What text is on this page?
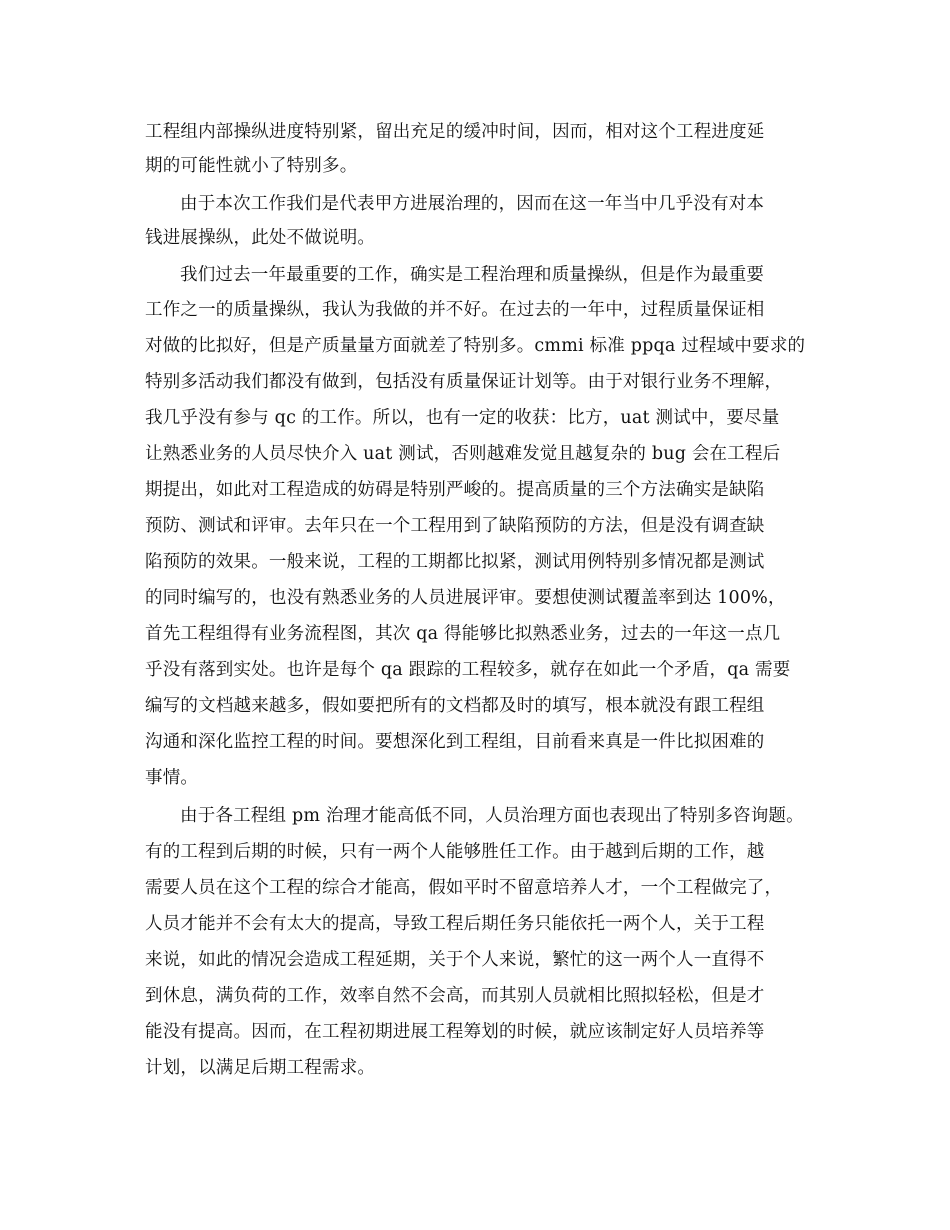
工程组内部操纵进度特别紧，留出充足的缓冲时间，因而，相对这个工程进度延
期的可能性就小了特别多。
由于本次工作我们是代表甲方进展治理的，因而在这一年当中几乎没有对本
钱进展操纵，此处不做说明。
我们过去一年最重要的工作，确实是工程治理和质量操纵，但是作为最重要
工作之一的质量操纵，我认为我做的并不好。在过去的一年中，过程质量保证相
对做的比拟好，但是产质量量方面就差了特别多。cmmi 标准 ppqa 过程域中要求的
特别多活动我们都没有做到，包括没有质量保证计划等。由于对银行业务不理解，
我几乎没有参与 qc 的工作。所以，也有一定的收获：比方，uat 测试中，要尽量
让熟悉业务的人员尽快介入 uat 测试，否则越难发觉且越复杂的 bug 会在工程后
期提出，如此对工程造成的妨碍是特别严峻的。提高质量的三个方法确实是缺陷
预防、测试和评审。去年只在一个工程用到了缺陷预防的方法，但是没有调查缺
陷预防的效果。一般来说，工程的工期都比拟紧，测试用例特别多情况都是测试
的同时编写的，也没有熟悉业务的人员进展评审。要想使测试覆盖率到达 100%，
首先工程组得有业务流程图，其次 qa 得能够比拟熟悉业务，过去的一年这一点几
乎没有落到实处。也许是每个 qa 跟踪的工程较多，就存在如此一个矛盾，qa 需要
编写的文档越来越多，假如要把所有的文档都及时的填写，根本就没有跟工程组
沟通和深化监控工程的时间。要想深化到工程组，目前看来真是一件比拟困难的
事情。
由于各工程组 pm 治理才能高低不同，人员治理方面也表现出了特别多咨询题。
有的工程到后期的时候，只有一两个人能够胜任工作。由于越到后期的工作，越
需要人员在这个工程的综合才能高，假如平时不留意培养人才，一个工程做完了，
人员才能并不会有太大的提高，导致工程后期任务只能依托一两个人，关于工程
来说，如此的情况会造成工程延期，关于个人来说，繁忙的这一两个人一直得不
到休息，满负荷的工作，效率自然不会高，而其别人员就相比照拟轻松，但是才
能没有提高。因而，在工程初期进展工程筹划的时候，就应该制定好人员培养等
计划，以满足后期工程需求。
